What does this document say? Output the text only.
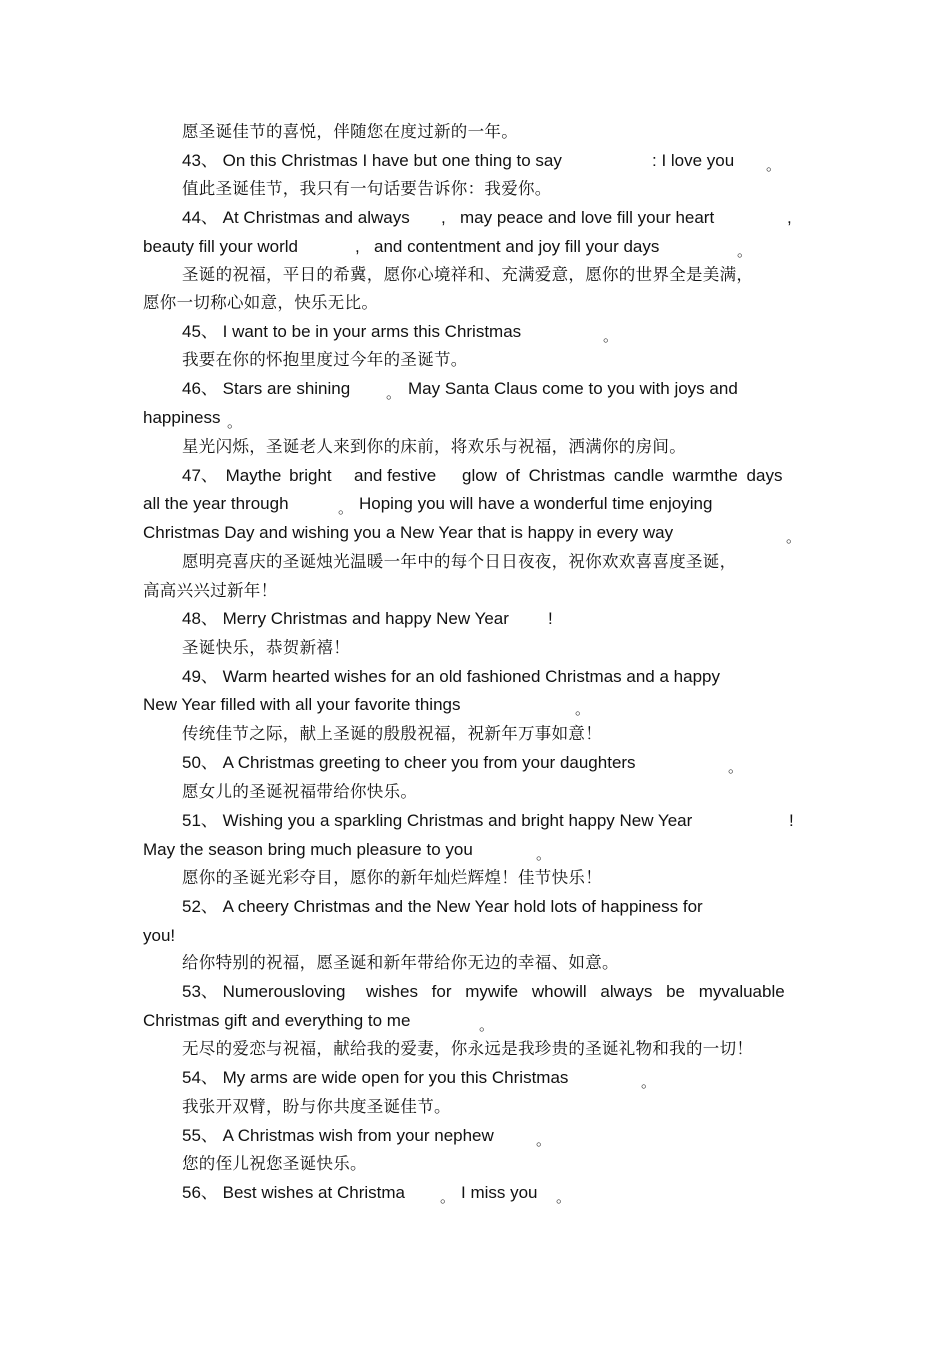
愿圣诞佳节的喜悦，伴随您在度过新的一年。
43、 On this Christmas I have but one thing to say	: I love you 。
值此圣诞佳节，我只有一句话要告诉你：我爱你。
44、 At Christmas and always , may peace and love fill your heart	,
beauty fill your world	, and contentment and joy fill your days	。
圣诞的祝福，平日的希冀，愿你心境祥和、充满爱意，愿你的世界全是美满，
愿你一切称心如意，快乐无比。
45、 I want to be in your arms this Christmas	。
我要在你的怀抱里度过今年的圣诞节。
46、 Stars are shining 。 May Santa Claus come to you with joys and
happiness 。
星光闪烁，圣诞老人来到你的床前，将欢乐与祝福，洒满你的房间。
47、 Maythe bright and festive glow of Christmas candle warmthe days
all the year through	。 Hoping you will have a wonderful time enjoying
Christmas Day and wishing you a New Year that is happy in every way	。
愿明亮喜庆的圣诞烛光温暖一年中的每个日日夜夜，祝你欢欢喜喜度圣诞，
高高兴兴过新年！
48、 Merry Christmas and happy New Year !
圣诞快乐，恭贺新禧！
49、 Warm hearted wishes for an old fashioned Christmas and a happy
New Year filled with all your favorite things	。
传统佳节之际，献上圣诞的殷殷祝福，祝新年万事如意！
50、 A Christmas greeting to cheer you from your daughters	。
愿女儿的圣诞祝福带给你快乐。
51、 Wishing you a sparkling Christmas and bright happy New Year	!
May the season bring much pleasure to you	。
愿你的圣诞光彩夺目，愿你的新年灿烂辉煌！佳节快乐！
52、 A cheery Christmas and the New Year hold lots of happiness for
you!
给你特别的祝福，愿圣诞和新年带给你无边的幸福、如意。
53、 Numerousloving wishes for mywife whowill always be myvaluable
Christmas gift and everything to me	。
无尽的爱恋与祝福，献给我的爱妻，你永远是我珍贵的圣诞礼物和我的一切！
54、 My arms are wide open for you this Christmas	。
我张开双臂，盼与你共度圣诞佳节。
55、 A Christmas wish from your nephew	。
您的侄儿祝您圣诞快乐。
56、 Best wishes at Christma 。 I miss you 。
